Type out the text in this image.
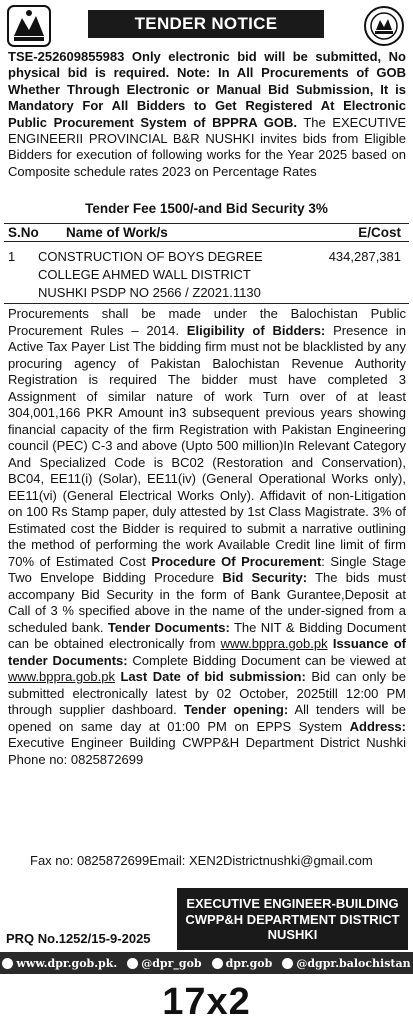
TENDER NOTICE
TSE-252609855983 Only electronic bid will be submitted, No physical bid is required. Note: In All Procurements of GOB Whether Through Electronic or Manual Bid Submission, It is Mandatory For All Bidders to Get Registered At Electronic Public Procurement System of BPPRA GOB. The EXECUTIVE ENGINEERII PROVINCIAL B&R NUSHKI invites bids from Eligible Bidders for execution of following works for the Year 2025 based on Composite schedule rates 2023 on Percentage Rates
Tender Fee 1500/-and Bid Security 3%
S.No Name of Work/s	E/Cost
1 CONSTRUCTION OF BOYS DEGREE COLLEGE AHMED WALL DISTRICT NUSHKI PSDP NO 2566 / Z2021.1130
434,287,381
Procurements shall be made under the Balochistan Public Procurement Rules – 2014. Eligibility of Bidders: Presence in Active Tax Payer List The bidding firm must not be blacklisted by any procuring agency of Pakistan Balochistan Revenue Authority Registration is required The bidder must have completed 3 Assignment of similar nature of work Turn over of at least 304,001,166 PKR Amount in3 subsequent previous years showing financial capacity of the firm Registration with Pakistan Engineering council (PEC) C-3 and above (Upto 500 million)In Relevant Category And Specialized Code is BC02 (Restoration and Conservation), BC04, EE11(i) (Solar), EE11(iv) (General Operational Works only), EE11(vi) (General Electrical Works Only). Affidavit of non-Litigation on 100 Rs Stamp paper, duly attested by 1st Class Magistrate. 3% of Estimated cost the Bidder is required to submit a narrative outlining the method of performing the work Available Credit line limit of firm 70% of Estimated Cost Procedure Of Procurement: Single Stage Two Envelope Bidding Procedure Bid Security: The bids must accompany Bid Security in the form of Bank Gurantee,Deposit at Call of 3 % specified above in the name of the under-signed from a scheduled bank. Tender Documents: The NIT & Bidding Document can be obtained electronically from www.bppra.gob.pk Issuance of tender Documents: Complete Bidding Document can be viewed at www.bppra.gob.pk Last Date of bid submission: Bid can only be submitted electronically latest by 02 October, 2025till 12:00 PM through supplier dashboard. Tender opening: All tenders will be opened on same day at 01:00 PM on EPPS System Address: Executive Engineer Building CWPP&H Department District Nushki Phone no: 0825872699
Fax no: 0825872699Email: XEN2Districtnushki@gmail.com
PRQ No.1252/15-9-2025
EXECUTIVE ENGINEER-BUILDING
CWPP&H DEPARTMENT DISTRICT
NUSHKI
www.dpr.gob.pk. @dpr_gob dpr.gob @dgpr.balochistan
17x2
